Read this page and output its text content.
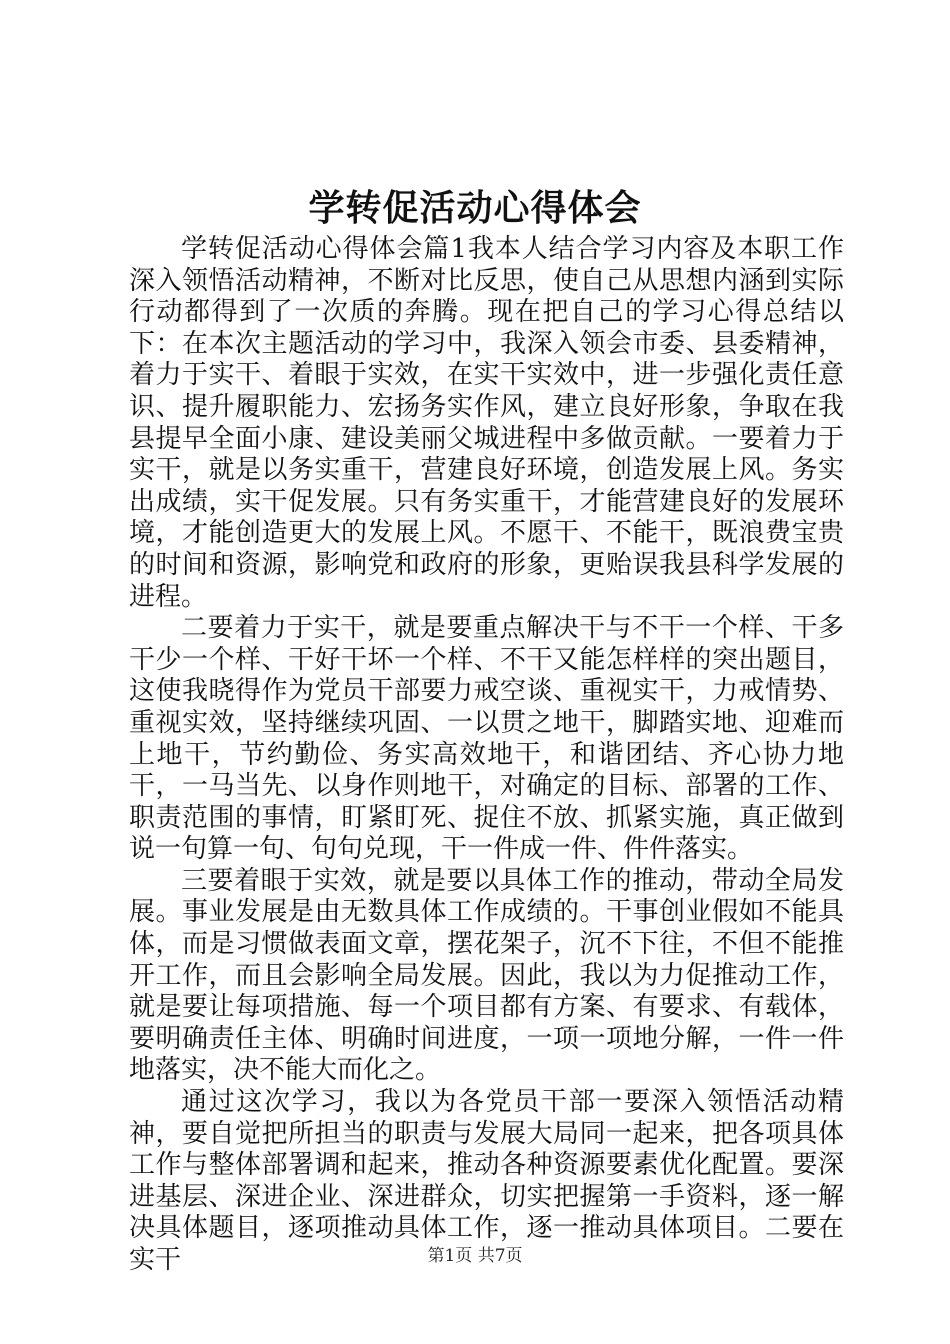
学转促活动心得体会

学转促活动心得体会篇1我本人结合学习内容及本职工作深入领悟活动精神，不断对比反思，使自己从思想内涵到实际行动都得到了一次质的奔腾。现在把自己的学习心得总结以下：在本次主题活动的学习中，我深入领会市委、县委精神，着力于实干、着眼于实效，在实干实效中，进一步强化责任意识、提升履职能力、宏扬务实作风，建立良好形象，争取在我县提早全面小康、建设美丽父城进程中多做贡献。一要着力于实干，就是以务实重干，营建良好环境，创造发展上风。务实出成绩，实干促发展。只有务实重干，才能营建良好的发展环境，才能创造更大的发展上风。不愿干、不能干，既浪费宝贵的时间和资源，影响党和政府的形象，更贻误我县科学发展的进程。

二要着力于实干，就是要重点解决干与不干一个样、干多干少一个样、干好干坏一个样、不干又能怎样样的突出题目，这使我晓得作为党员干部要力戒空谈、重视实干，力戒情势、重视实效，坚持继续巩固、一以贯之地干，脚踏实地、迎难而上地干，节约勤俭、务实高效地干，和谐团结、齐心协力地干，一马当先、以身作则地干，对确定的目标、部署的工作、职责范围的事情，盯紧盯死、捉住不放、抓紧实施，真正做到说一句算一句、句句兑现，干一件成一件、件件落实。

三要着眼于实效，就是要以具体工作的推动，带动全局发展。事业发展是由无数具体工作成绩的。干事创业假如不能具体，而是习惯做表面文章，摆花架子，沉不下往，不但不能推开工作，而且会影响全局发展。因此，我以为力促推动工作，就是要让每项措施、每一个项目都有方案、有要求、有载体，要明确责任主体、明确时间进度，一项一项地分解，一件一件地落实，决不能大而化之。

通过这次学习，我以为各党员干部一要深入领悟活动精神，要自觉把所担当的职责与发展大局同一起来，把各项具体工作与整体部署调和起来，推动各种资源要素优化配置。要深进基层、深进企业、深进群众，切实把握第一手资料，逐一解决具体题目，逐项推动具体工作，逐一推动具体项目。二要在实干	第1页 共7页
